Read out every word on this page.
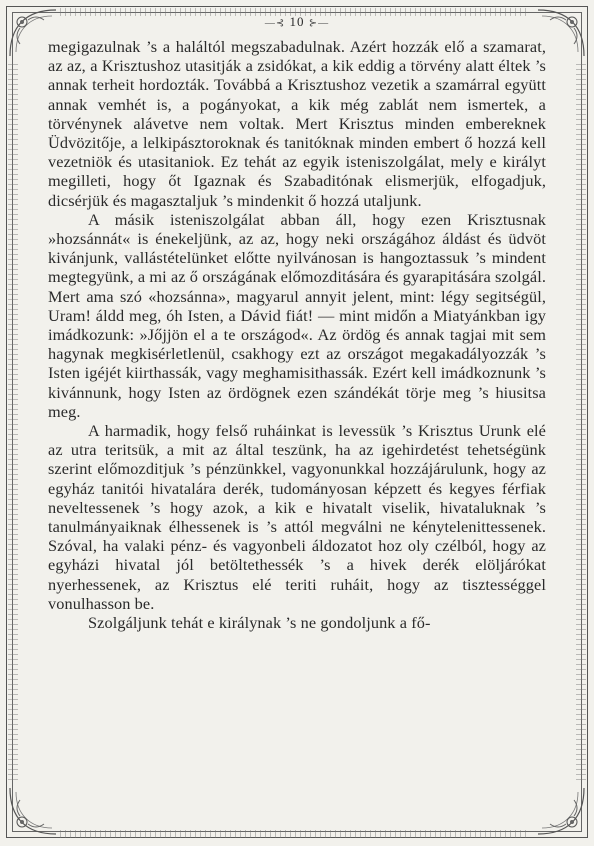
—⊰ 10 ⊱—

megigazulnak ’s a haláltól megszabadulnak. Azért hozzák elő a szamarat, az az, a Krisztushoz utasitják a zsidókat, a kik eddig a törvény alatt éltek ’s annak terheit hordozták. Továbbá a Krisztushoz vezetik a szamárral együtt annak vemhét is, a pogányokat, a kik még zablát nem ismertek, a törvénynek alávetve nem voltak. Mert Krisztus minden embereknek Üdvözitője, a lelkipásztoroknak és tanitóknak minden embert ő hozzá kell vezetniök és utasitaniok. Ez tehát az egyik isteniszolgálat, mely e királyt megilleti, hogy őt Igaznak és Szabaditónak elismerjük, elfogadjuk, dicsérjük és magasztaljuk ’s mindenkit ő hozzá utaljunk.

A másik isteniszolgálat abban áll, hogy ezen Krisztusnak »hozsánnát« is énekeljünk, az az, hogy neki országához áldást és üdvöt kivánjunk, vallástételünket előtte nyilvánosan is hangoztassuk ’s mindent megtegyünk, a mi az ő országának előmozditására és gyarapitására szolgál. Mert ama szó «hozsánna», magyarul annyit jelent, mint: légy segitségül, Uram! áldd meg, óh Isten, a Dávid fiát! — mint midőn a Miatyánkban igy imádkozunk: »Jőjjön el a te országod«. Az ördög és annak tagjai mit sem hagynak megkisérletlenül, csakhogy ezt az országot megakadályozzák ’s Isten igéjét kiirthassák, vagy meghamisithassák. Ezért kell imádkoznunk ’s kivánnunk, hogy Isten az ördögnek ezen szándékát törje meg ’s hiusitsa meg.

A harmadik, hogy felső ruháinkat is levessük ’s Krisztus Urunk elé az utra teritsük, a mit az által teszünk, ha az igehirdetést tehetségünk szerint előmozditjuk ’s pénzünkkel, vagyonunkkal hozzájárulunk, hogy az egyház tanitói hivatalára derék, tudományosan képzett és kegyes férfiak neveltessenek ’s hogy azok, a kik e hivatalt viselik, hivataluknak ’s tanulmányaiknak élhessenek is ’s attól megválni ne kénytelenittessenek. Szóval, ha valaki pénz- és vagyonbeli áldozatot hoz oly czélból, hogy az egyházi hivatal jól betöltethessék ’s a hivek derék elöljárókat nyerhessenek, az Krisztus elé teriti ruháit, hogy az tisztességgel vonulhasson be.

Szolgáljunk tehát e királynak ’s ne gondoljunk a fő-
